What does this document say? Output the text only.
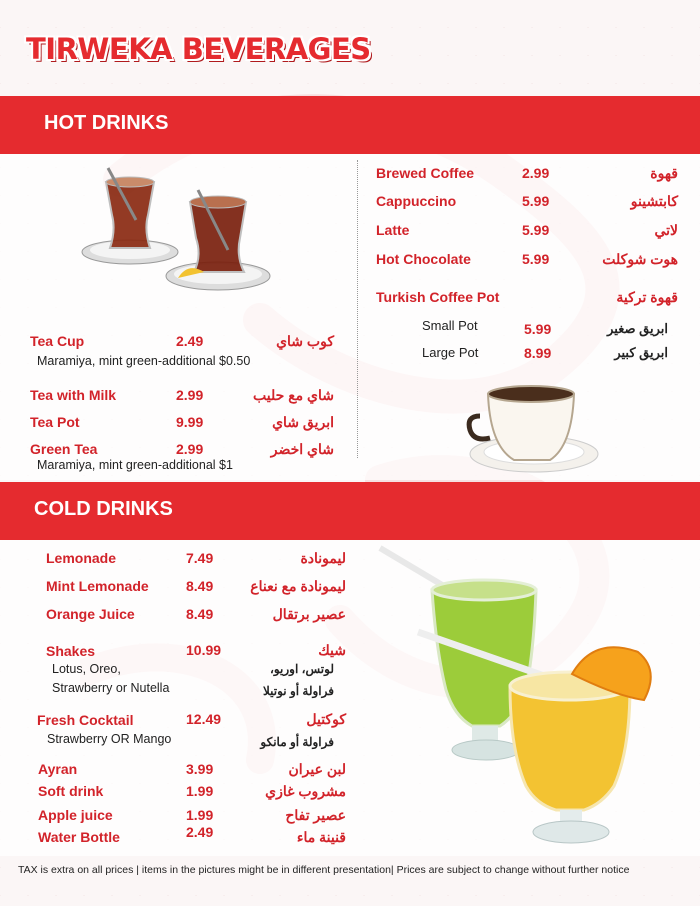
TIRWEKA BEVERAGES
HOT DRINKS
Tea Cup	2.49	كوب شاي
Maramiya, mint green-additional $0.50
Tea with Milk	2.99	شاي مع حليب
Tea Pot	9.99	ابريق شاي
Green Tea	2.99	شاي اخضر
Maramiya, mint green-additional $1
Brewed Coffee	2.99	قهوة
Cappuccino	5.99	كابتشينو
Latte	5.99	لاتي
Hot Chocolate	5.99	هوت شوكلت
Turkish Coffee Pot	قهوة تركية
Small Pot	5.99	ابريق صغير
Large Pot	8.99	ابريق كبير
COLD DRINKS
Lemonade	7.49	ليمونادة
Mint Lemonade	8.49	ليمونادة مع نعناع
Orange Juice	8.49	عصير برتقال
Shakes	10.99	شيك
Lotus, Oreo,
Strawberry or Nutella
لوتس، اوريو،
فراولة أو نوتيلا
Fresh Cocktail	12.49	كوكتيل
Strawberry OR Mango	فراولة أو مانكو
Ayran	3.99	لبن عيران
Soft drink	1.99	مشروب غازي
Apple juice	1.99	عصير تفاح
Water Bottle	2.49	قنينة ماء
TAX is extra on all prices | items in the pictures might be in different presentation| Prices are subject to change without further notice
